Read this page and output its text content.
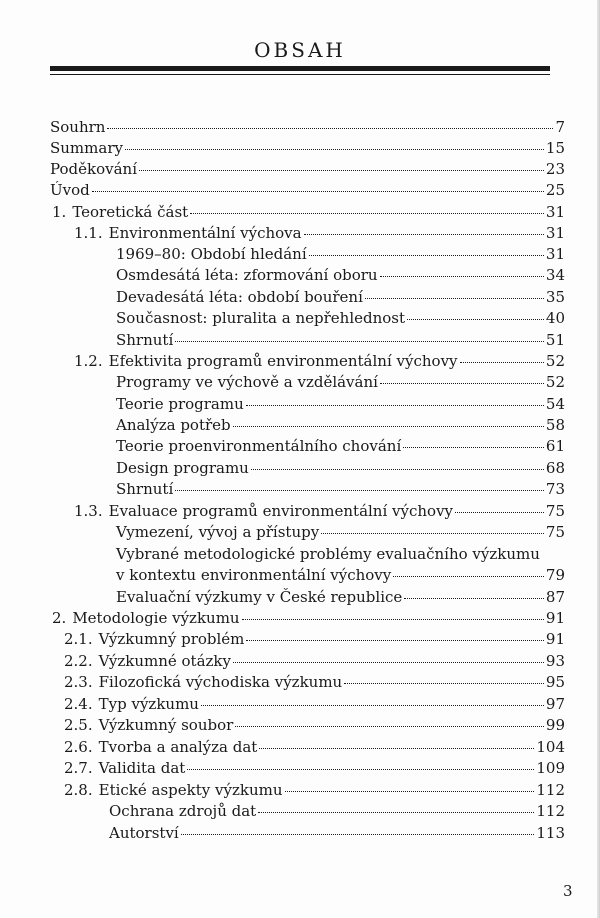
OBSAH
Souhrn	7
Summary	15
Poděkování	23
Úvod	25
1. Teoretická část	31
1.1. Environmentální výchova	31
1969–80: Období hledání	31
Osmdesátá léta: zformování oboru	34
Devadesátá léta: období bouření	35
Současnost: pluralita a nepřehlednost	40
Shrnutí	51
1.2. Efektivita programů environmentální výchovy	52
Programy ve výchově a vzdělávání	52
Teorie programu	54
Analýza potřeb	58
Teorie proenvironmentálního chování	61
Design programu	68
Shrnutí	73
1.3. Evaluace programů environmentální výchovy	75
Vymezení, vývoj a přístupy	75
Vybrané metodologické problémy evaluačního výzkumu
v kontextu environmentální výchovy	79
Evaluační výzkumy v České republice	87
2. Metodologie výzkumu	91
2.1. Výzkumný problém	91
2.2. Výzkumné otázky	93
2.3. Filozofická východiska výzkumu	95
2.4. Typ výzkumu	97
2.5. Výzkumný soubor	99
2.6. Tvorba a analýza dat	104
2.7. Validita dat	109
2.8. Etické aspekty výzkumu	112
Ochrana zdrojů dat	112
Autorství	113
3
